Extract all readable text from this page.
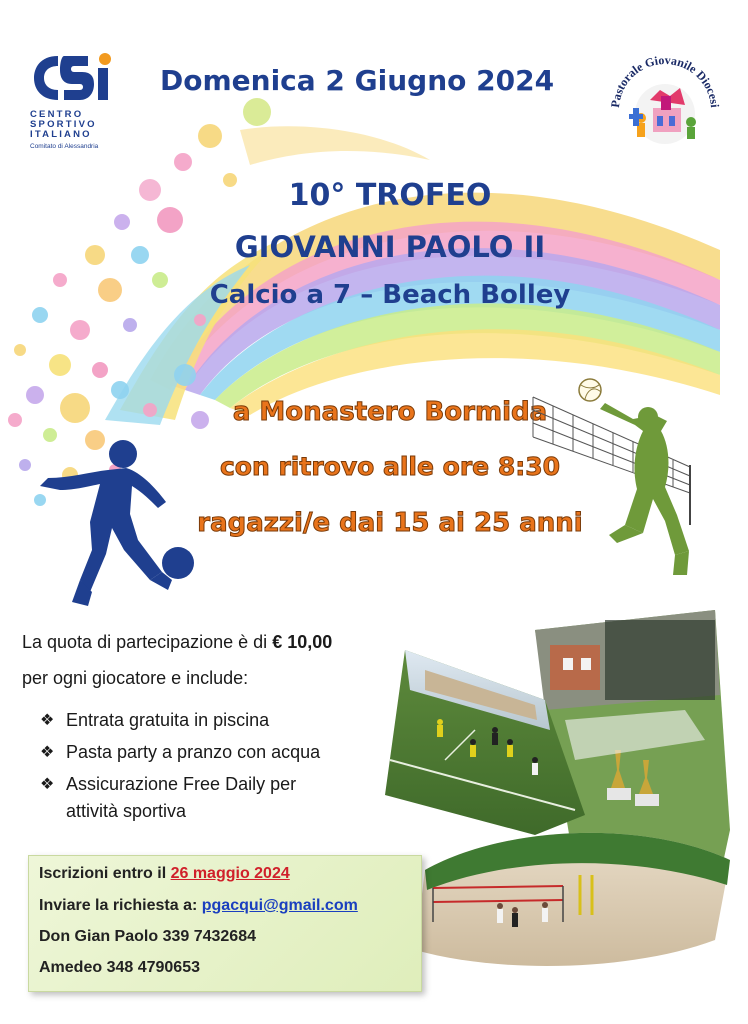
CENTRO
SPORTIVO
ITALIANO
Comitato di Alessandria
Domenica 2 Giugno 2024
Pastorale Giovanile Diocesi
10° TROFEO
GIOVANNI PAOLO II
Calcio a 7 – Beach Bolley
a Monastero Bormida
con ritrovo alle ore 8:30
ragazzi/e dai 15 ai 25 anni
La quota di partecipazione è di € 10,00
per ogni giocatore e include:
❖ Entrata gratuita in piscina
❖ Pasta party a pranzo con acqua
❖ Assicurazione Free Daily per
attività sportiva
Iscrizioni entro il 26 maggio 2024
Inviare la richiesta a: pgacqui@gmail.com
Don Gian Paolo 339 7432684
Amedeo 348 4790653
